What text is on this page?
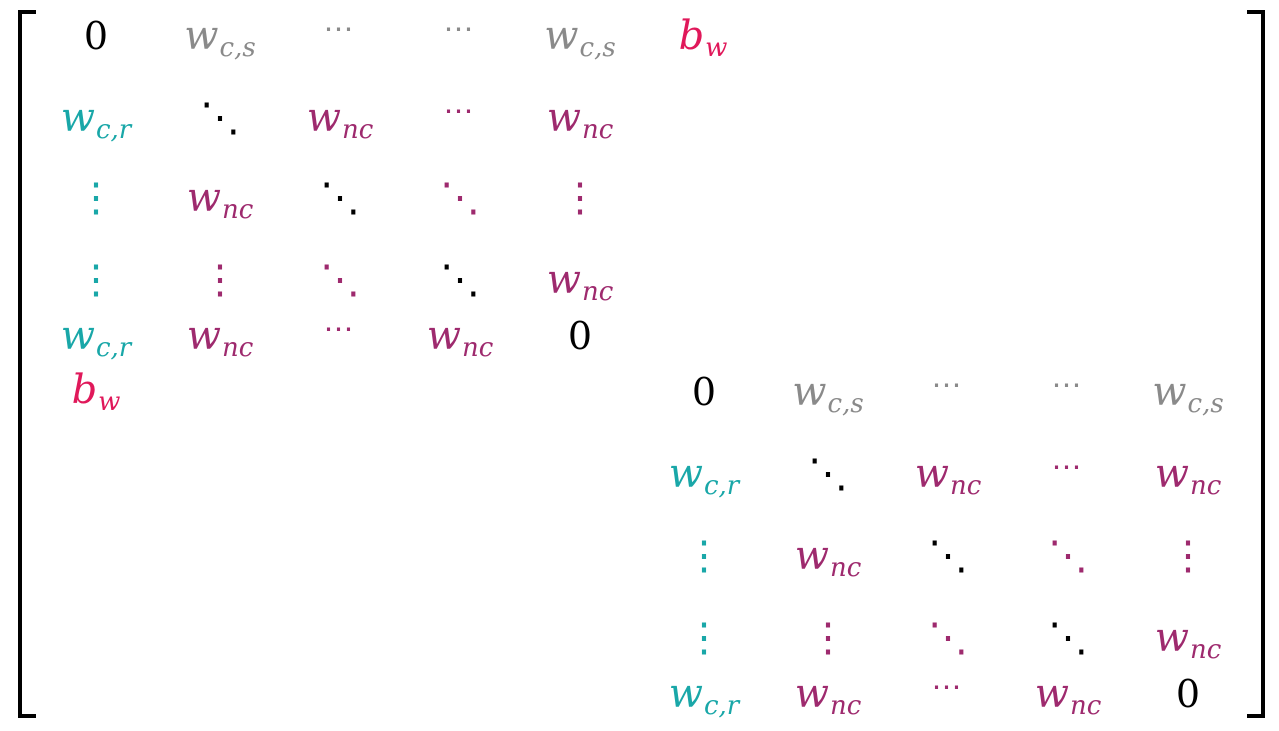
0 w c,s
⋯	⋯ w c,s
w c,r ⋱ w nc
⋯ w nc
⋮ w nc ⋱ ⋱ ⋮
⋮ ⋮ ⋱ ⋱ w nc
w c,r w nc
⋯ w nc 0
0 w c,s
⋯	⋯ w c,s
w c,r ⋱ w nc
⋯ w nc
⋮ w nc ⋱ ⋱ ⋮
⋮ ⋮ ⋱ ⋱ w nc
w c,r w nc
⋯ w nc 0
b w
b w
